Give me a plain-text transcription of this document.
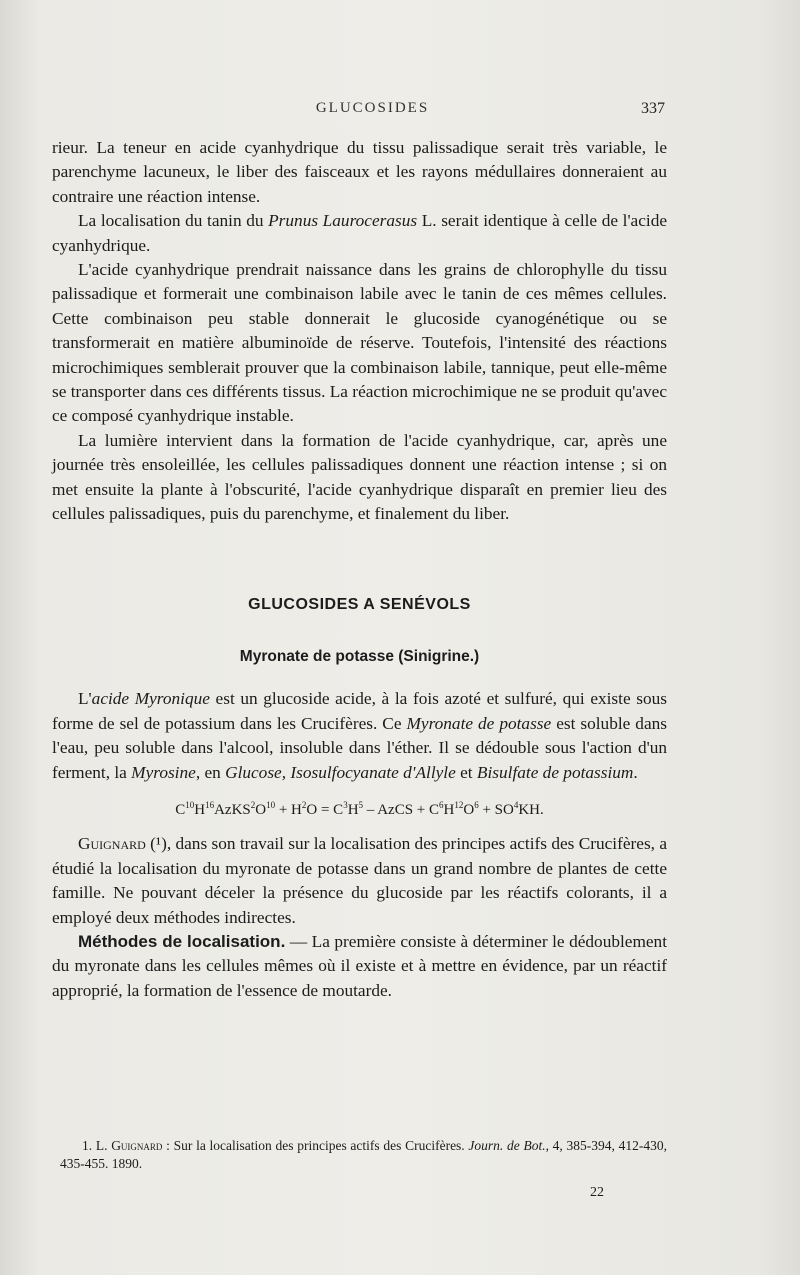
GLUCOSIDES	337

rieur. La teneur en acide cyanhydrique du tissu palissadique serait très variable, le parenchyme lacuneux, le liber des faisceaux et les rayons médullaires donneraient au contraire une réaction intense.

La localisation du tanin du Prunus Laurocerasus L. serait identique à celle de l'acide cyanhydrique.

L'acide cyanhydrique prendrait naissance dans les grains de chlorophylle du tissu palissadique et formerait une combinaison labile avec le tanin de ces mêmes cellules. Cette combinaison peu stable donnerait le glucoside cyanogénétique ou se transformerait en matière albuminoïde de réserve. Toutefois, l'intensité des réactions microchimiques semblerait prouver que la combinaison labile, tannique, peut elle-même se transporter dans ces différents tissus. La réaction microchimique ne se produit qu'avec ce composé cyanhydrique instable.

La lumière intervient dans la formation de l'acide cyanhydrique, car, après une journée très ensoleillée, les cellules palissadiques donnent une réaction intense ; si on met ensuite la plante à l'obscurité, l'acide cyanhydrique disparaît en premier lieu des cellules palissadiques, puis du parenchyme, et finalement du liber.

GLUCOSIDES A SENÉVOLS
Myronate de potasse (Sinigrine.)

L'acide Myronique est un glucoside acide, à la fois azoté et sulfuré, qui existe sous forme de sel de potassium dans les Crucifères. Ce Myronate de potasse est soluble dans l'eau, peu soluble dans l'alcool, insoluble dans l'éther. Il se dédouble sous l'action d'un ferment, la Myrosine, en Glucose, Isosulfocyanate d'Allyle et Bisulfate de potassium.

$C^{10}H^{16}AzKS^2O^{10} + H^2O = C^3H^5$ – AzCS + $C^6H^{12}O^6 + SO^4KH$.

Guignard (¹), dans son travail sur la localisation des principes actifs des Crucifères, a étudié la localisation du myronate de potasse dans un grand nombre de plantes de cette famille. Ne pouvant déceler la présence du glucoside par les réactifs colorants, il a employé deux méthodes indirectes.

Méthodes de localisation. — La première consiste à déterminer le dédoublement du myronate dans les cellules mêmes où il existe et à mettre en évidence, par un réactif approprié, la formation de l'essence de moutarde.

1. L. Guignard : Sur la localisation des principes actifs des Crucifères. Journ. de Bot., 4, 385-394, 412-430, 435-455. 1890.
22
